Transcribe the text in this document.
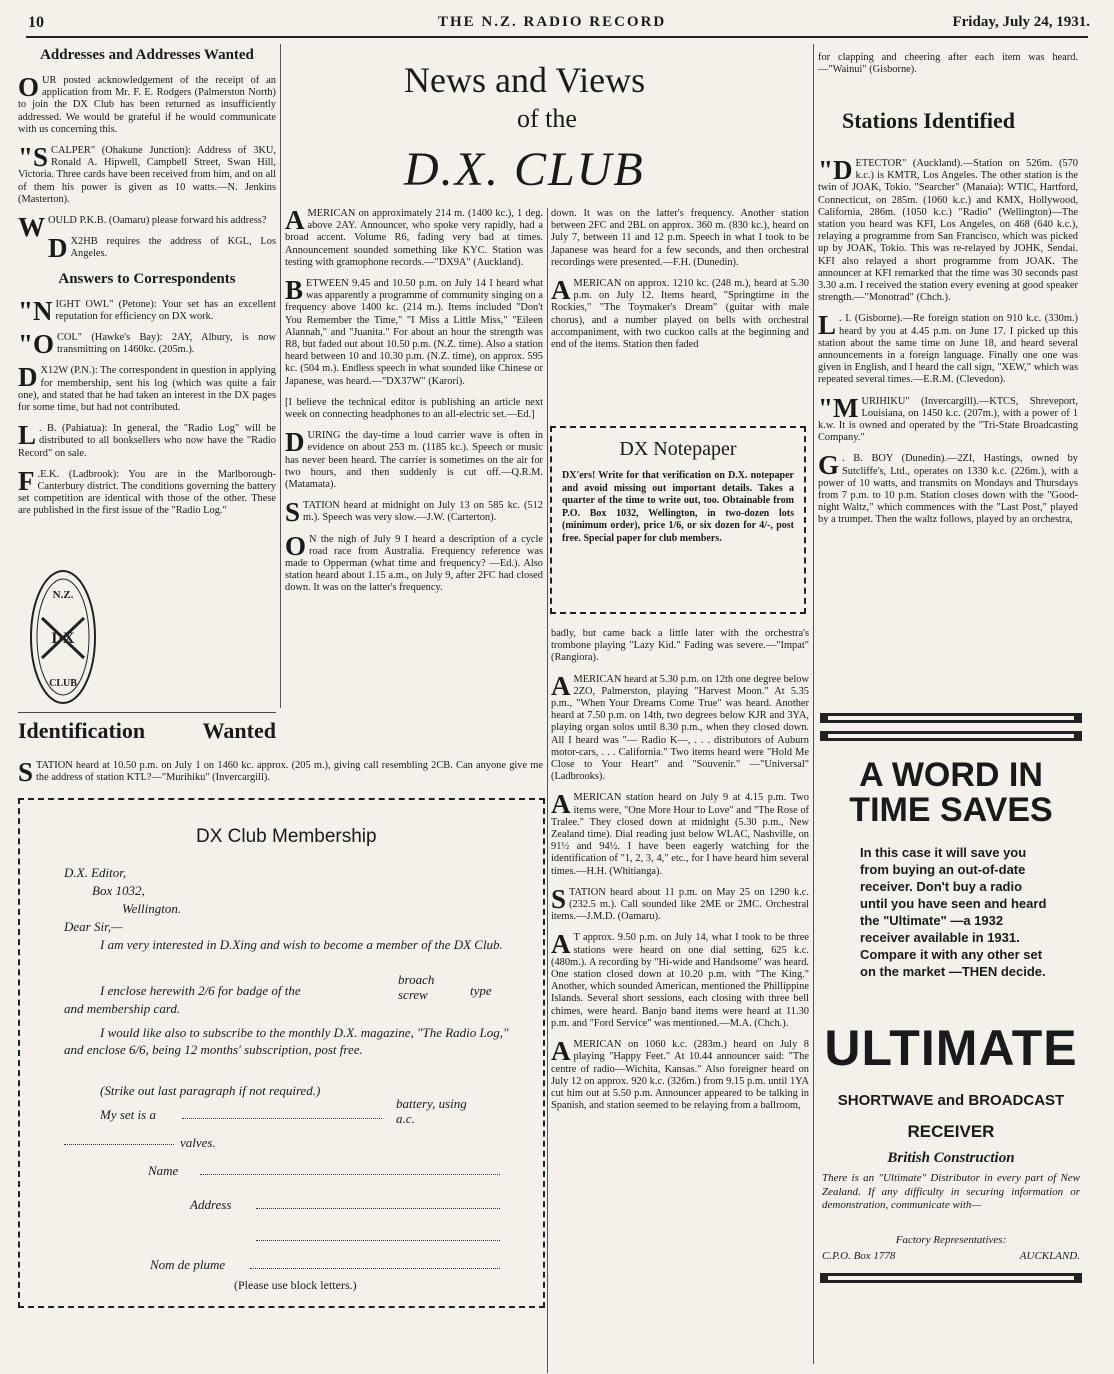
10	THE N.Z. RADIO RECORD	Friday, July 24, 1931.
Addresses and Addresses Wanted

OUR posted acknowledgement of the receipt of an application from Mr. F. E. Rodgers (Palmerston North) to join the DX Club has been returned as insufficiently addressed. We would be grateful if he would communicate with us concerning this.

"SCALPER" (Ohakune Junction): Address of 3KU, Ronald A. Hipwell, Campbell Street, Swan Hill, Victoria. Three cards have been received from him, and on all of them his power is given as 10 watts.—N. Jenkins (Masterton).

WOULD P.K.B. (Oamaru) please forward his address?

D X2HB requires the address of KGL, Los Angeles.

Answers to Correspondents

"NIGHT OWL" (Petone): Your set has an excellent reputation for efficiency on DX work.

"OCOL" (Hawke's Bay): 2AY, Albury, is now transmitting on 1460kc. (205m.).

D X12W (P.N.): The correspondent in question in applying for membership, sent his log (which was quite a fair one), and stated that he had taken an interest in the DX pages for some time, but had not contributed.

L . B. (Pahiatua): In general, the "Radio Log" will be distributed to all booksellers who now have the "Radio Record" on sale.

F .E.K. (Ladbrook): You are in the Marlborough-Canterbury district. The conditions governing the battery set competition are identical with those of the other. These are published in the first issue of the "Radio Log."

Identification	Wanted
STATION heard at 10.50 p.m. on July 1 on 1460 kc. approx. (205 m.), giving call resembling 2CB. Can anyone give me the address of station KTL?—"Murihiku" (Invercargill).
News and Views
of the
D.X. CLUB

AMERICAN on approximately 214 m. (1400 kc.), 1 deg. above 2AY. Announcer, who spoke very rapidly, had a broad accent. Volume R6, fading very bad at times. Announcement sounded something like KYC. Station was testing with gramophone records.—"DX9A" (Auckland).

BETWEEN 9.45 and 10.50 p.m. on July 14 I heard what was apparently a programme of community singing on a frequency above 1400 kc. (214 m.). Items included "Don't You Remember the Time," "I Miss a Little Miss," "Eileen Alannah," and "Juanita." For about an hour the strength was R8, but faded out about 10.50 p.m. (N.Z. time). Also a station heard between 10 and 10.30 p.m. (N.Z. time), on approx. 595 kc. (504 m.). Endless speech in what sounded like Chinese or Japanese, was heard.—"DX37W" (Karori).

[I believe the technical editor is publishing an article next week on connecting headphones to an all-electric set.—Ed.]

DURING the day-time a loud carrier wave is often in evidence on about 253 m. (1185 kc.). Speech or music has never been heard. The carrier is sometimes on the air for two hours, and then suddenly is cut off.—Q.R.M. (Matamata).

STATION heard at midnight on July 13 on 585 kc. (512 m.). Speech was very slow.—J.W. (Carterton).

O N the nigh of July 9 I heard a description of a cycle road race from Australia. Frequency reference was made to Opperman (what time and frequency? —Ed.). Also station heard about 1.15 a.m., on July 9, after 2FC had closed down. It was on the latter's frequency.

down. It was on the latter's frequency. Another station between 2FC and 2BL on approx. 360 m. (830 kc.), heard on July 7, between 11 and 12 p.m. Speech in what I took to be Japanese was heard for a few seconds, and then orchestral recordings were presented.—F.H. (Dunedin).

AMERICAN on approx. 1210 kc. (248 m.), heard at 5.30 p.m. on July 12. Items heard, "Springtime in the Rockies," "The Toymaker's Dream" (guitar with male chorus), and a number played on bells with orchestral accompaniment, with two cuckoo calls at the beginning and end of the items. Station then faded

DX Notepaper
DX'ers! Write for that verification on D.X. notepaper and avoid missing out important details. Takes a quarter of the time to write out, too. Obtainable from P.O. Box 1032, Wellington, in two-dozen lots (minimum order), price 1/6, or six dozen for 4/-, post free. Special paper for club members.

badly, but came back a little later with the orchestra's trombone playing "Lazy Kid." Fading was severe.—"Impat" (Rangiora).

AMERICAN heard at 5.30 p.m. on 12th one degree below 2ZO, Palmerston, playing "Harvest Moon." At 5.35 p.m., "When Your Dreams Come True" was heard. Another heard at 7.50 p.m. on 14th, two degrees below KJR and 3YA, playing organ solos until 8.30 p.m., when they closed down. All I heard was "— Radio K—, . . . distributors of Auburn motor-cars, . . . California." Two items heard were "Hold Me Close to Your Heart" and "Souvenir." —"Universal" (Ladbrooks).

AMERICAN station heard on July 9 at 4.15 p.m. Two items were, "One More Hour to Love" and "The Rose of Tralee." They closed down at midnight (5.30 p.m., New Zealand time). Dial reading just below WLAC, Nashville, on 91½ and 94½. I have been eagerly watching for the identification of "1, 2, 3, 4," etc., for I have heard him several times.—H.H. (Whitianga).

STATION heard about 11 p.m. on May 25 on 1290 k.c. (232.5 m.). Call sounded like 2ME or 2MC. Orchestral items.—J.M.D. (Oamaru).

A T approx. 9.50 p.m. on July 14, what I took to be three stations were heard on one dial setting, 625 k.c. (480m.). A recording by "Hi-wide and Handsome" was heard. One station closed down at 10.20 p.m. with "The King." Another, which sounded American, mentioned the Phillippine Islands. Several short sessions, each closing with three bell chimes, were heard. Banjo band items were heard at 11.30 p.m. and "Ford Service" was mentioned.—M.A. (Chch.).

AMERICAN on 1060 k.c. (283m.) heard on July 8 playing "Happy Feet." At 10.44 announcer said: "The centre of radio—Wichita, Kansas." Also foreigner heard on July 12 on approx. 920 k.c. (326m.) from 9.15 p.m. until 1YA cut him out at 5.50 p.m. Announcer appeared to be talking in Spanish, and station seemed to be relaying from a ballroom,

for clapping and cheering after each item was heard.—"Wainui" (Gisborne).

Stations Identified

"DETECTOR" (Auckland).—Station on 526m. (570 k.c.) is KMTR, Los Angeles. The other station is the twin of JOAK, Tokio. "Searcher" (Manaia): WTIC, Hartford, Connecticut, on 285m. (1060 k.c.) and KMX, Hollywood, California, 286m. (1050 k.c.) "Radio" (Wellington)—The station you heard was KFI, Los Angeles, on 468 (640 k.c.), relaying a programme from San Francisco, which was picked up by JOAK, Tokio. This was re-relayed by JOHK, Sendai. KFI also relayed a short programme from JOAK. The announcer at KFI remarked that the time was 30 seconds past 3.30 a.m. I received the station every evening at good speaker strength.—"Monotrad" (Chch.).

L . I. (Gisborne).—Re foreign station on 910 k.c. (330m.) heard by you at 4.45 p.m. on June 17. I picked up this station about the same time on June 18, and heard several announcements in a foreign language. Finally one one was given in English, and I heard the call sign, "XEW," which was repeated several times.—E.R.M. (Clevedon).

"MURIHIKU" (Invercargill).—KTCS, Shreveport, Louisiana, on 1450 k.c. (207m.), with a power of 1 k.w. It is owned and operated by the "Tri-State Broadcasting Company."

G . B. BOY (Dunedin).—2ZI, Hastings, owned by Sutcliffe's, Ltd., operates on 1330 k.c. (226m.), with a power of 10 watts, and transmits on Mondays and Thursdays from 7 p.m. to 10 p.m. Station closes down with the "Good-night Waltz," which commences with the "Last Post," played by a trumpet. Then the waltz follows, played by an orchestra,

DX Club Membership
D.X. Editor,
Box 1032,
Wellington.
Dear Sir,—
I am very interested in D.Xing and wish to become a member of the DX Club.
I enclose herewith 2/6 for badge of the
broach
screw	type
and membership card.
I would like also to subscribe to the monthly D.X. magazine, "The Radio Log," and enclose 6/6, being 12 months' subscription, post free.
(Strike out last paragraph if not required.)
My set is a
battery, using
a.c.
valves.
Name
Address
Nom de plume
(Please use block letters.)
N.Z.
DX
CLUB
A WORD IN
TIME SAVES
In this case it will save you from buying an out-of-date receiver. Don't buy a radio until you have seen and heard the "Ultimate" —a 1932 receiver available in 1931. Compare it with any other set on the market —THEN decide.
ULTIMATE
SHORTWAVE and BROADCAST
RECEIVER
British Construction
There is an "Ultimate" Distributor in every part of New Zealand. If any difficulty in securing information or demonstration, communicate with—
Factory Representatives:
C.P.O. Box 1778	AUCKLAND.
